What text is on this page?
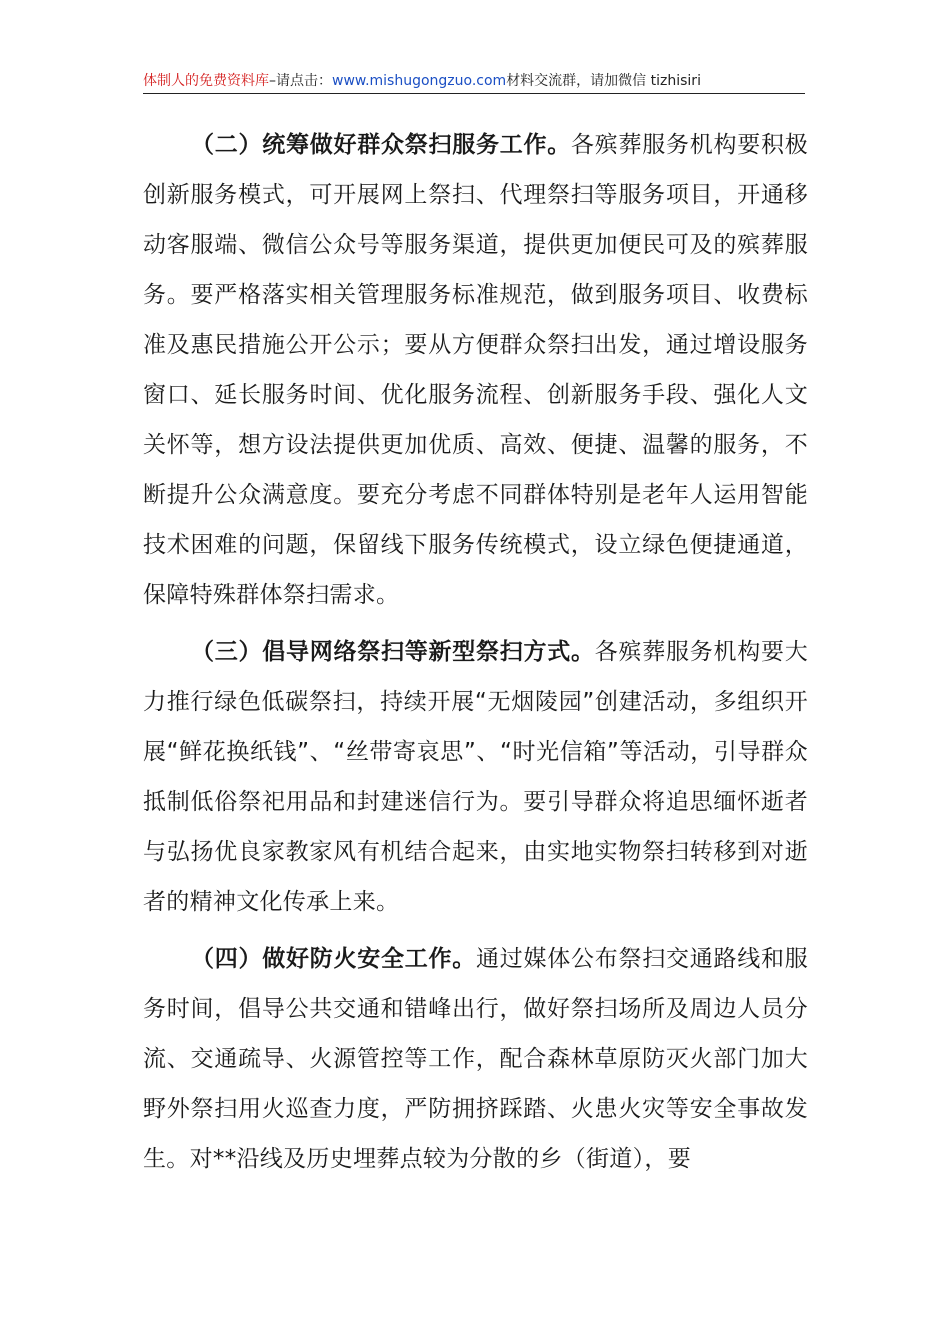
体制人的免费资料库–请点击：www.mishugongzuo.com材料交流群，请加微信 tizhisiri

（二）统筹做好群众祭扫服务工作。各殡葬服务机构要积极创新服务模式，可开展网上祭扫、代理祭扫等服务项目，开通移动客服端、微信公众号等服务渠道，提供更加便民可及的殡葬服务。要严格落实相关管理服务标准规范，做到服务项目、收费标准及惠民措施公开公示；要从方便群众祭扫出发，通过增设服务窗口、延长服务时间、优化服务流程、创新服务手段、强化人文关怀等，想方设法提供更加优质、高效、便捷、温馨的服务，不断提升公众满意度。要充分考虑不同群体特别是老年人运用智能技术困难的问题，保留线下服务传统模式，设立绿色便捷通道，保障特殊群体祭扫需求。

（三）倡导网络祭扫等新型祭扫方式。各殡葬服务机构要大力推行绿色低碳祭扫，持续开展“无烟陵园”创建活动，多组织开展“鲜花换纸钱”、“丝带寄哀思”、“时光信箱”等活动，引导群众抵制低俗祭祀用品和封建迷信行为。要引导群众将追思缅怀逝者与弘扬优良家教家风有机结合起来，由实地实物祭扫转移到对逝者的精神文化传承上来。

（四）做好防火安全工作。通过媒体公布祭扫交通路线和服务时间，倡导公共交通和错峰出行，做好祭扫场所及周边人员分流、交通疏导、火源管控等工作，配合森林草原防灭火部门加大野外祭扫用火巡查力度，严防拥挤踩踏、火患火灾等安全事故发生。对**沿线及历史埋葬点较为分散的乡（街道），要
